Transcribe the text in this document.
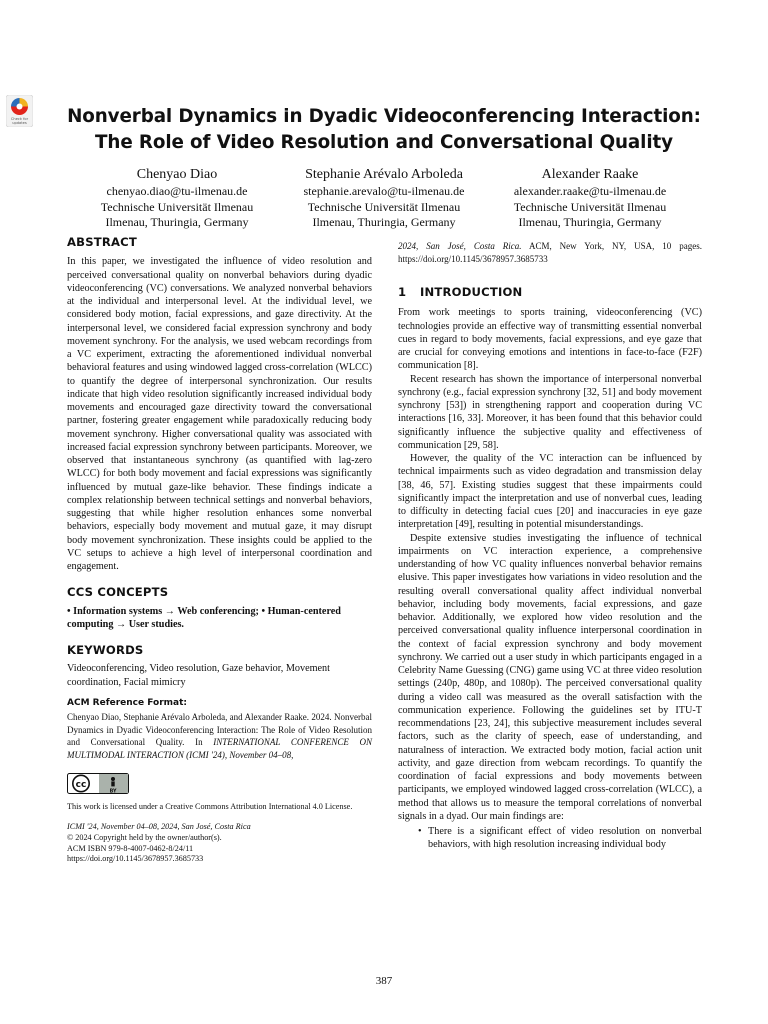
Check for
updates	Nonverbal Dynamics in Dyadic Videoconferencing Interaction:
The Role of Video Resolution and Conversational Quality
Chenyao Diao
chenyao.diao@tu-ilmenau.de
Technische Universität Ilmenau
Ilmenau, Thuringia, Germany
Stephanie Arévalo Arboleda
stephanie.arevalo@tu-ilmenau.de
Technische Universität Ilmenau
Ilmenau, Thuringia, Germany
Alexander Raake
alexander.raake@tu-ilmenau.de
Technische Universität Ilmenau
Ilmenau, Thuringia, Germany
ABSTRACT

In this paper, we investigated the influence of video resolution and perceived conversational quality on nonverbal behaviors during dyadic videoconferencing (VC) conversations. We analyzed nonverbal behaviors at the individual and interpersonal level. At the individual level, we considered body motion, facial expressions, and gaze directivity. At the interpersonal level, we considered facial expression synchrony and body movement synchrony. For the analysis, we used webcam recordings from a VC experiment, extracting the aforementioned individual nonverbal behavioral features and using windowed lagged cross-correlation (WLCC) to quantify the degree of interpersonal synchronization. Our results indicate that high video resolution significantly increased individual body movements and encouraged gaze directivity toward the conversational partner, fostering greater engagement while paradoxically reducing body movement synchrony. Higher conversational quality was associated with increased facial expression synchrony between participants. Moreover, we observed that instantaneous synchrony (as quantified with lag-zero WLCC) for both body movement and facial expressions was significantly influenced by mutual gaze-like behavior. These findings indicate a complex relationship between technical settings and nonverbal behaviors, suggesting that while higher resolution enhances some nonverbal behaviors, especially body movement and mutual gaze, it may disrupt body movement synchronization. These insights could be applied to the VC setups to achieve a high level of interpersonal coordination and engagement.

CCS CONCEPTS

• Information systems → Web conferencing; • Human-centered
computing → User studies.

KEYWORDS

Videoconferencing, Video resolution, Gaze behavior, Movement coordination, Facial mimicry

ACM Reference Format:

Chenyao Diao, Stephanie Arévalo Arboleda, and Alexander Raake. 2024. Nonverbal Dynamics in Dyadic Videoconferencing Interaction: The Role of Video Resolution and Conversational Quality. In INTERNATIONAL CONFERENCE ON MULTIMODAL INTERACTION (ICMI '24), November 04–08,

cc
BY

This work is licensed under a Creative Commons Attribution International 4.0 License.

ICMI '24, November 04–08, 2024, San José, Costa Rica
© 2024 Copyright held by the owner/author(s).
ACM ISBN 979-8-4007-0462-8/24/11
https://doi.org/10.1145/3678957.3685733

2024, San José, Costa Rica. ACM, New York, NY, USA, 10 pages. https://doi.org/10.1145/3678957.3685733

1 INTRODUCTION

From work meetings to sports training, videoconferencing (VC) technologies provide an effective way of transmitting essential nonverbal cues in regard to body movements, facial expressions, and eye gaze that are crucial for conveying emotions and intentions in face-to-face (F2F) communication [8].

Recent research has shown the importance of interpersonal nonverbal synchrony (e.g., facial expression synchrony [32, 51] and body movement synchrony [53]) in strengthening rapport and cooperation during VC interactions [16, 33]. Moreover, it has been found that this behavior could significantly influence the subjective quality and effectiveness of communication [29, 58].

However, the quality of the VC interaction can be influenced by technical impairments such as video degradation and transmission delay [38, 46, 57]. Existing studies suggest that these impairments could significantly impact the interpretation and use of nonverbal cues, leading to difficulty in detecting facial cues [20] and inaccuracies in eye gaze interpretation [49], resulting in potential misunderstandings.

Despite extensive studies investigating the influence of technical impairments on VC interaction experience, a comprehensive understanding of how VC quality influences nonverbal behavior remains elusive. This paper investigates how variations in video resolution and the resulting overall conversational quality affect individual nonverbal behavior, including body movements, facial expressions, and gaze behavior. Additionally, we explored how video resolution and the perceived conversational quality influence interpersonal coordination in the context of facial expression synchrony and body movement synchrony. We carried out a user study in which participants engaged in a Celebrity Name Guessing (CNG) game using VC at three video resolution settings (240p, 480p, and 1080p). The perceived conversational quality during a video call was measured as the overall satisfaction with the communication experience. Following the guidelines set by ITU-T recommendations [23, 24], this subjective measurement includes several factors, such as the clarity of speech, ease of understanding, and naturalness of interaction. We extracted body motion, facial action unit activity, and gaze direction from webcam recordings. To quantify the coordination of facial expressions and body movements between participants, we employed windowed lagged cross-correlation (WLCC), a method that allows us to measure the temporal correlations of nonverbal signals in a dyad. Our main findings are:

• There is a significant effect of video resolution on nonverbal behaviors, with high resolution increasing individual body
387
